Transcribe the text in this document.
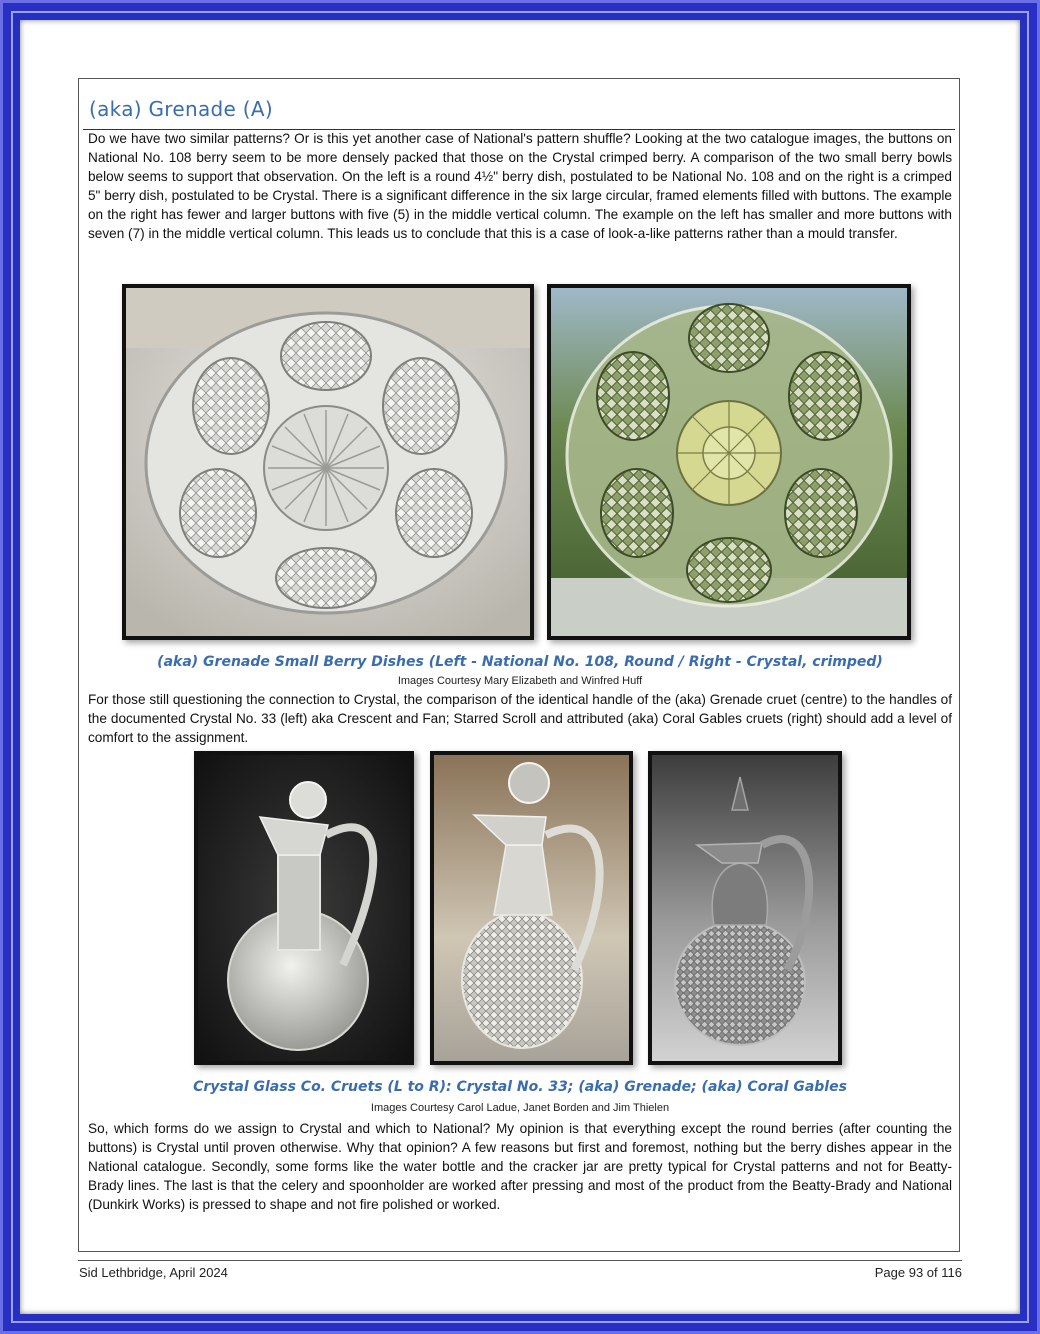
(aka) Grenade (A)
Do we have two similar patterns? Or is this yet another case of National's pattern shuffle? Looking at the two catalogue images, the buttons on National No. 108 berry seem to be more densely packed that those on the Crystal crimped berry. A comparison of the two small berry bowls below seems to support that observation. On the left is a round 4½" berry dish, postulated to be National No. 108 and on the right is a crimped 5" berry dish, postulated to be Crystal. There is a significant difference in the six large circular, framed elements filled with buttons. The example on the right has fewer and larger buttons with five (5) in the middle vertical column. The example on the left has smaller and more buttons with seven (7) in the middle vertical column. This leads us to conclude that this is a case of look-a-like patterns rather than a mould transfer.
(aka) Grenade Small Berry Dishes (Left - National No. 108, Round / Right - Crystal, crimped)
Images Courtesy Mary Elizabeth and Winfred Huff
For those still questioning the connection to Crystal, the comparison of the identical handle of the (aka) Grenade cruet (centre) to the handles of the documented Crystal No. 33 (left) aka Crescent and Fan; Starred Scroll and attributed (aka) Coral Gables cruets (right) should add a level of comfort to the assignment.
Crystal Glass Co. Cruets (L to R): Crystal No. 33; (aka) Grenade; (aka) Coral Gables
Images Courtesy Carol Ladue, Janet Borden and Jim Thielen
So, which forms do we assign to Crystal and which to National? My opinion is that everything except the round berries (after counting the buttons) is Crystal until proven otherwise. Why that opinion? A few reasons but first and foremost, nothing but the berry dishes appear in the National catalogue. Secondly, some forms like the water bottle and the cracker jar are pretty typical for Crystal patterns and not for Beatty-Brady lines. The last is that the celery and spoonholder are worked after pressing and most of the product from the Beatty-Brady and National (Dunkirk Works) is pressed to shape and not fire polished or worked.
Sid Lethbridge, April 2024	Page 93 of 116
